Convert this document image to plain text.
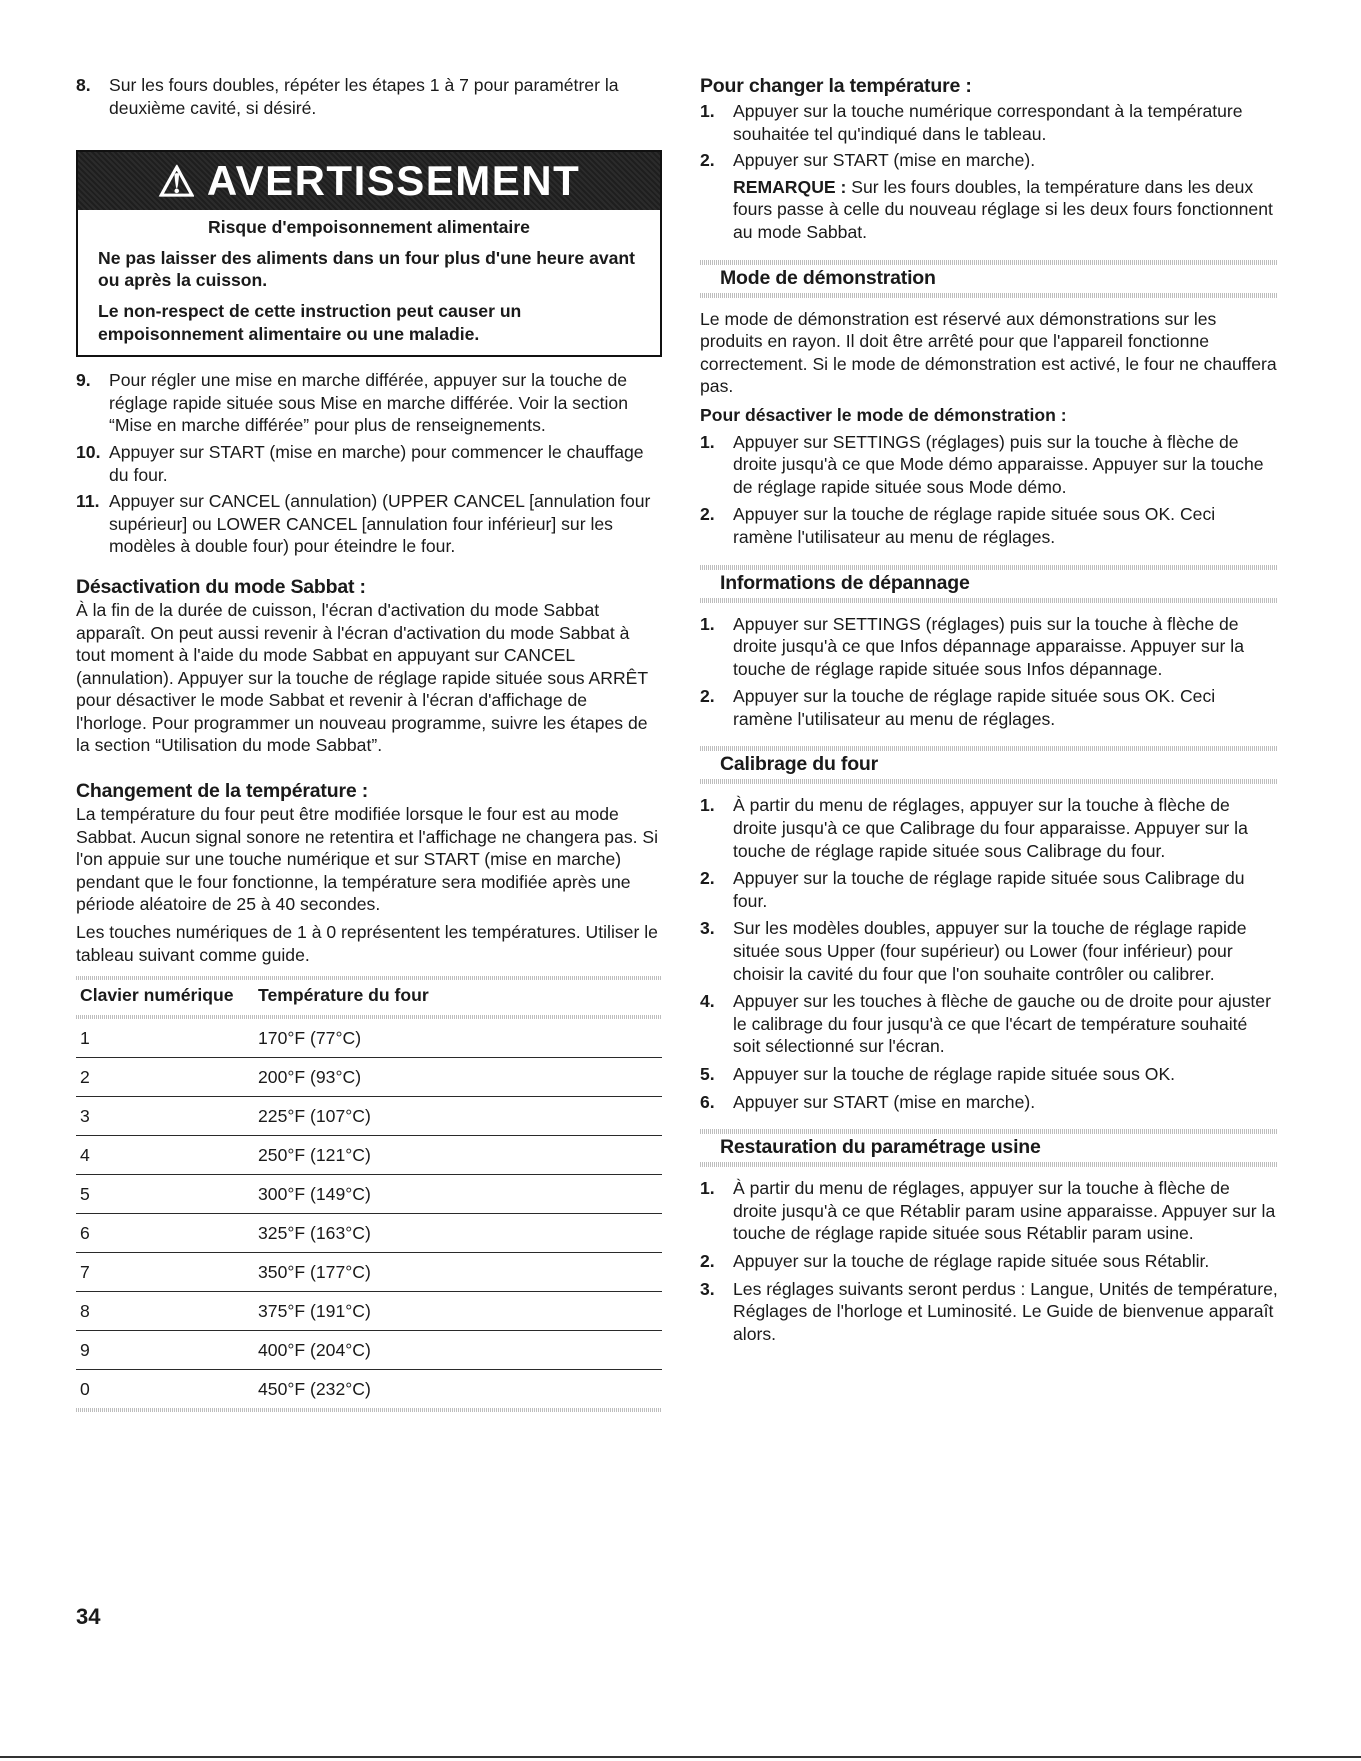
8. Sur les fours doubles, répéter les étapes 1 à 7 pour paramétrer la deuxième cavité, si désiré.
⚠ AVERTISSEMENT
Risque d'empoisonnement alimentaire
Ne pas laisser des aliments dans un four plus d'une heure avant ou après la cuisson.
Le non-respect de cette instruction peut causer un empoisonnement alimentaire ou une maladie.
9. Pour régler une mise en marche différée, appuyer sur la touche de réglage rapide située sous Mise en marche différée. Voir la section “Mise en marche différée” pour plus de renseignements.
10. Appuyer sur START (mise en marche) pour commencer le chauffage du four.
11. Appuyer sur CANCEL (annulation) (UPPER CANCEL [annulation four supérieur] ou LOWER CANCEL [annulation four inférieur] sur les modèles à double four) pour éteindre le four.
Désactivation du mode Sabbat :

À la fin de la durée de cuisson, l'écran d'activation du mode Sabbat apparaît. On peut aussi revenir à l'écran d'activation du mode Sabbat à tout moment à l'aide du mode Sabbat en appuyant sur CANCEL (annulation). Appuyer sur la touche de réglage rapide située sous ARRÊT pour désactiver le mode Sabbat et revenir à l'écran d'affichage de l'horloge. Pour programmer un nouveau programme, suivre les étapes de la section “Utilisation du mode Sabbat”.

Changement de la température :

La température du four peut être modifiée lorsque le four est au mode Sabbat. Aucun signal sonore ne retentira et l'affichage ne changera pas. Si l'on appuie sur une touche numérique et sur START (mise en marche) pendant que le four fonctionne, la température sera modifiée après une période aléatoire de 25 à 40 secondes.

Les touches numériques de 1 à 0 représentent les températures. Utiliser le tableau suivant comme guide.

Clavier numérique	Température du four
1	170°F (77°C)
2	200°F (93°C)
3	225°F (107°C)
4	250°F (121°C)
5	300°F (149°C)
6	325°F (163°C)
7	350°F (177°C)
8	375°F (191°C)
9	400°F (204°C)
0	450°F (232°C)
Pour changer la température :
1. Appuyer sur la touche numérique correspondant à la température souhaitée tel qu'indiqué dans le tableau.
2. Appuyer sur START (mise en marche).
REMARQUE : Sur les fours doubles, la température dans les deux fours passe à celle du nouveau réglage si les deux fours fonctionnent au mode Sabbat.
Mode de démonstration

Le mode de démonstration est réservé aux démonstrations sur les produits en rayon. Il doit être arrêté pour que l'appareil fonctionne correctement. Si le mode de démonstration est activé, le four ne chauffera pas.

Pour désactiver le mode de démonstration :
1. Appuyer sur SETTINGS (réglages) puis sur la touche à flèche de droite jusqu'à ce que Mode démo apparaisse. Appuyer sur la touche de réglage rapide située sous Mode démo.
2. Appuyer sur la touche de réglage rapide située sous OK. Ceci ramène l'utilisateur au menu de réglages.
Informations de dépannage
1. Appuyer sur SETTINGS (réglages) puis sur la touche à flèche de droite jusqu'à ce que Infos dépannage apparaisse. Appuyer sur la touche de réglage rapide située sous Infos dépannage.
2. Appuyer sur la touche de réglage rapide située sous OK. Ceci ramène l'utilisateur au menu de réglages.
Calibrage du four
1. À partir du menu de réglages, appuyer sur la touche à flèche de droite jusqu'à ce que Calibrage du four apparaisse. Appuyer sur la touche de réglage rapide située sous Calibrage du four.
2. Appuyer sur la touche de réglage rapide située sous Calibrage du four.
3. Sur les modèles doubles, appuyer sur la touche de réglage rapide située sous Upper (four supérieur) ou Lower (four inférieur) pour choisir la cavité du four que l'on souhaite contrôler ou calibrer.
4. Appuyer sur les touches à flèche de gauche ou de droite pour ajuster le calibrage du four jusqu'à ce que l'écart de température souhaité soit sélectionné sur l'écran.
5. Appuyer sur la touche de réglage rapide située sous OK.
6. Appuyer sur START (mise en marche).
Restauration du paramétrage usine
1. À partir du menu de réglages, appuyer sur la touche à flèche de droite jusqu'à ce que Rétablir param usine apparaisse. Appuyer sur la touche de réglage rapide située sous Rétablir param usine.
2. Appuyer sur la touche de réglage rapide située sous Rétablir.
3. Les réglages suivants seront perdus : Langue, Unités de température, Réglages de l'horloge et Luminosité. Le Guide de bienvenue apparaît alors.
34
